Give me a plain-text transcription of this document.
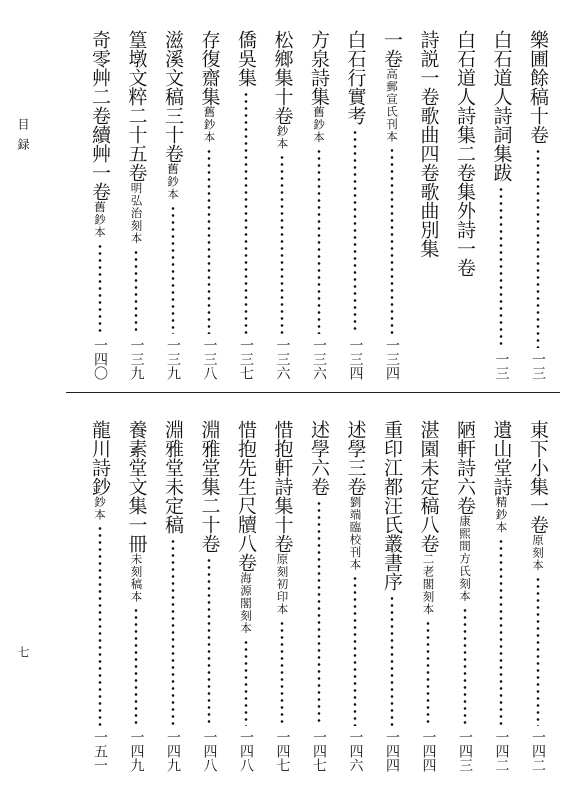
目録
七
樂圃餘稿十卷
一三
白石道人詩詞集跋
一三
白石道人詩集二卷集外詩一卷
詩説一卷歌曲四卷歌曲別集
一卷
高郵宣氏刊本
一三四
白石行實考
一三四
方泉詩集
舊鈔本
一三六
松鄉集十卷
鈔本
一三六
僑吳集
一三七
存復齋集
舊鈔本
一三八
滋溪文稿三十卷
舊鈔本
一三九
篁墩文粹二十五卷
明弘治刻本
一三九
奇零艸二卷續艸一卷
舊鈔本
一四〇
東下小集一卷
原刻本
一四二
遺山堂詩
精鈔本
一四二
陋軒詩六卷
康熙間方氏刻本
一四三
湛園未定稿八卷
二老閣刻本
一四四
重印江都汪氏叢書序
一四四
述學三卷
劉端臨校刊本
一四六
述學六卷
一四七
惜抱軒詩集十卷
原刻初印本
一四七
惜抱先生尺牘八卷
海源閣刻本
一四八
淵雅堂集二十卷
一四八
淵雅堂未定稿
一四九
養素堂文集一冊
未刻稿本
一四九
龍川詩鈔
鈔本
一五一
